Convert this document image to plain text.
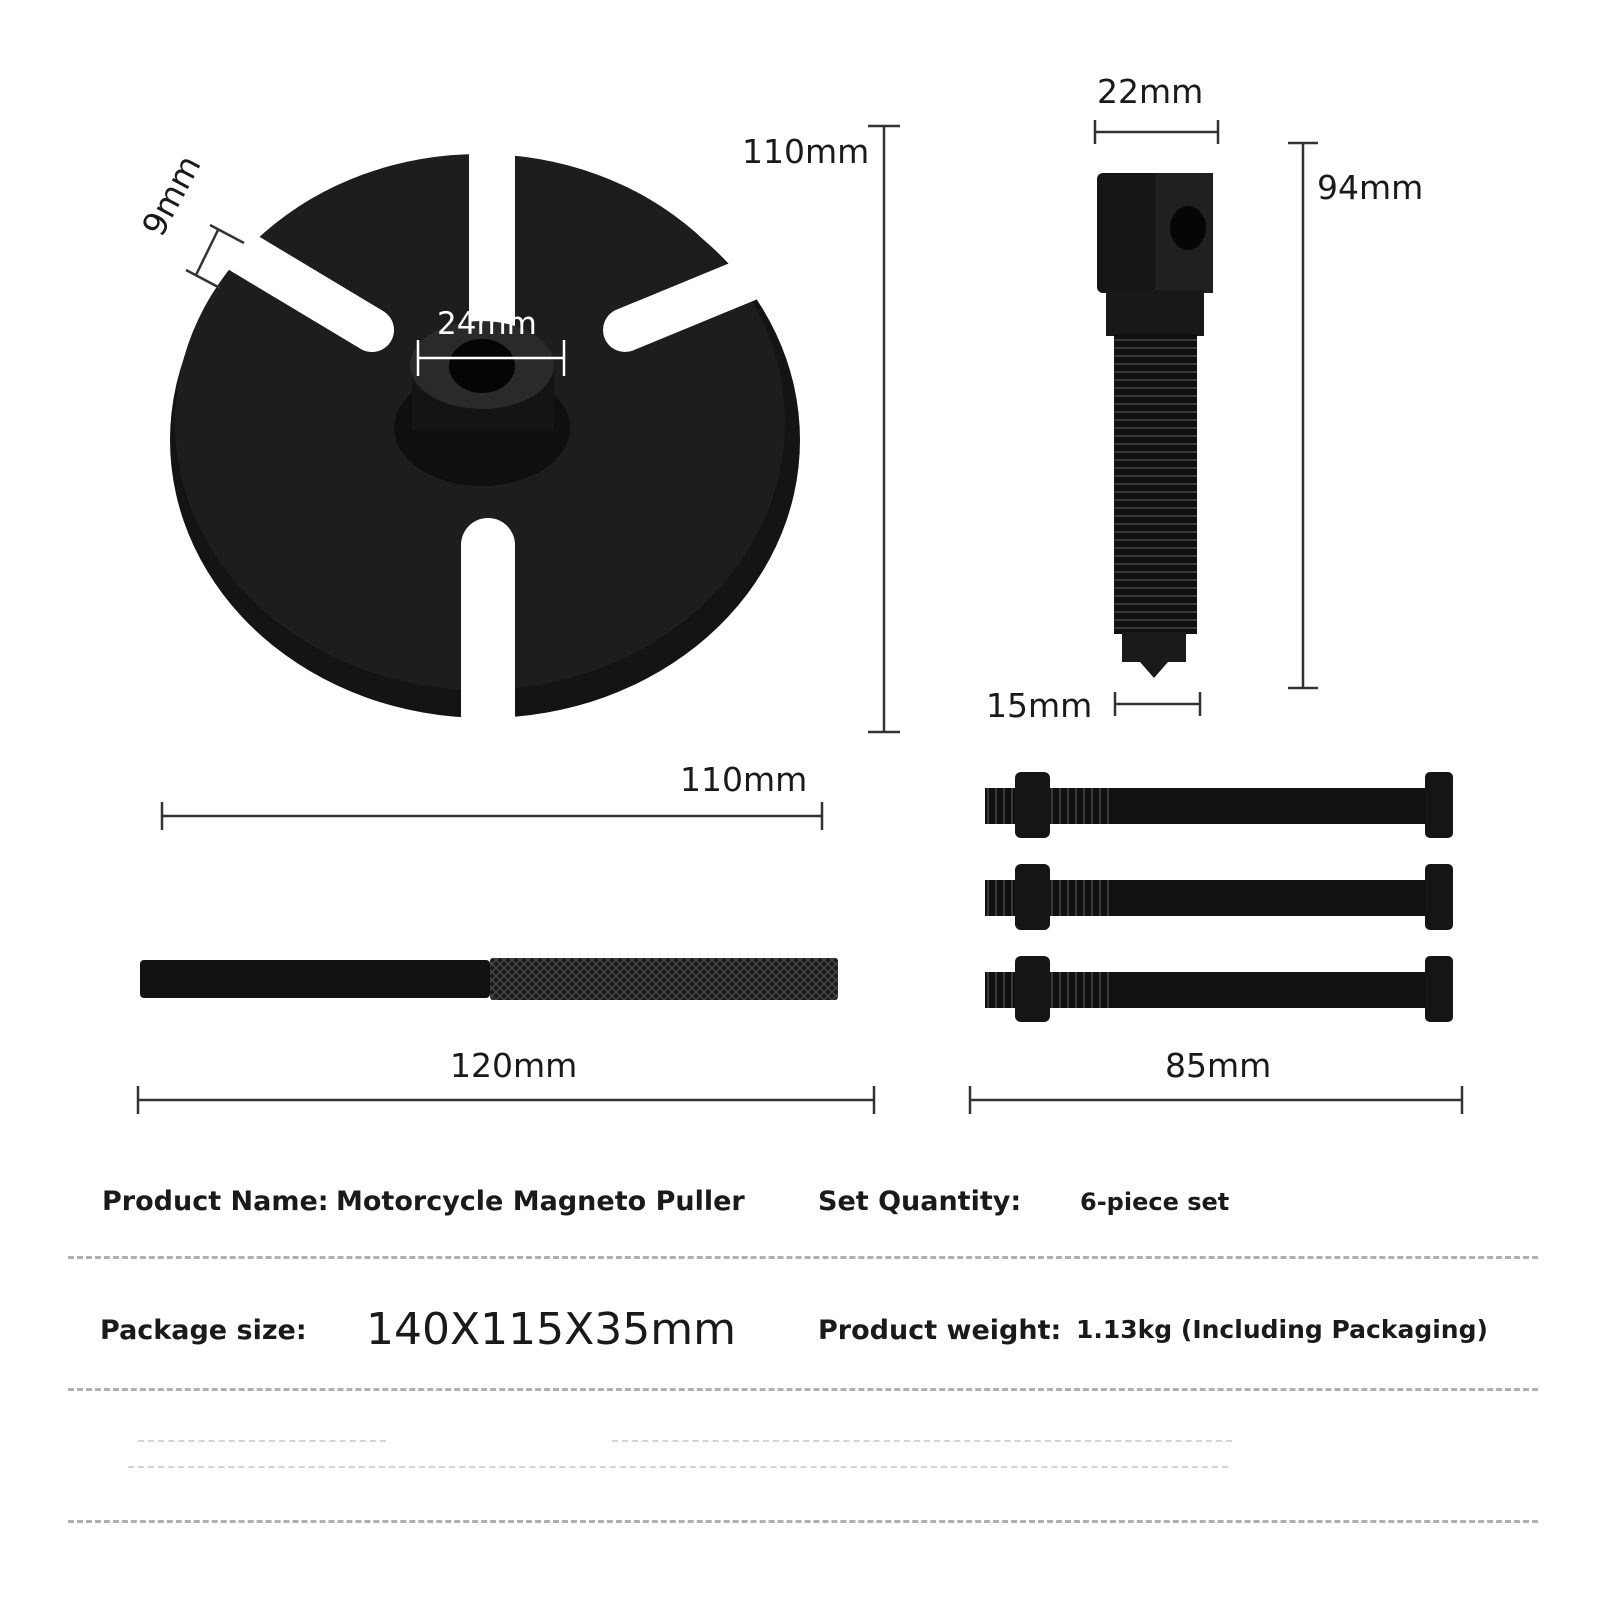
110mm
9mm
24mm
22mm
94mm
15mm
110mm
120mm	85mm
Product Name: Motorcycle Magneto Puller	Set Quantity: 6-piece set
Package size: 140X115X35mm	Product weight: 1.13kg (Including Packaging)
